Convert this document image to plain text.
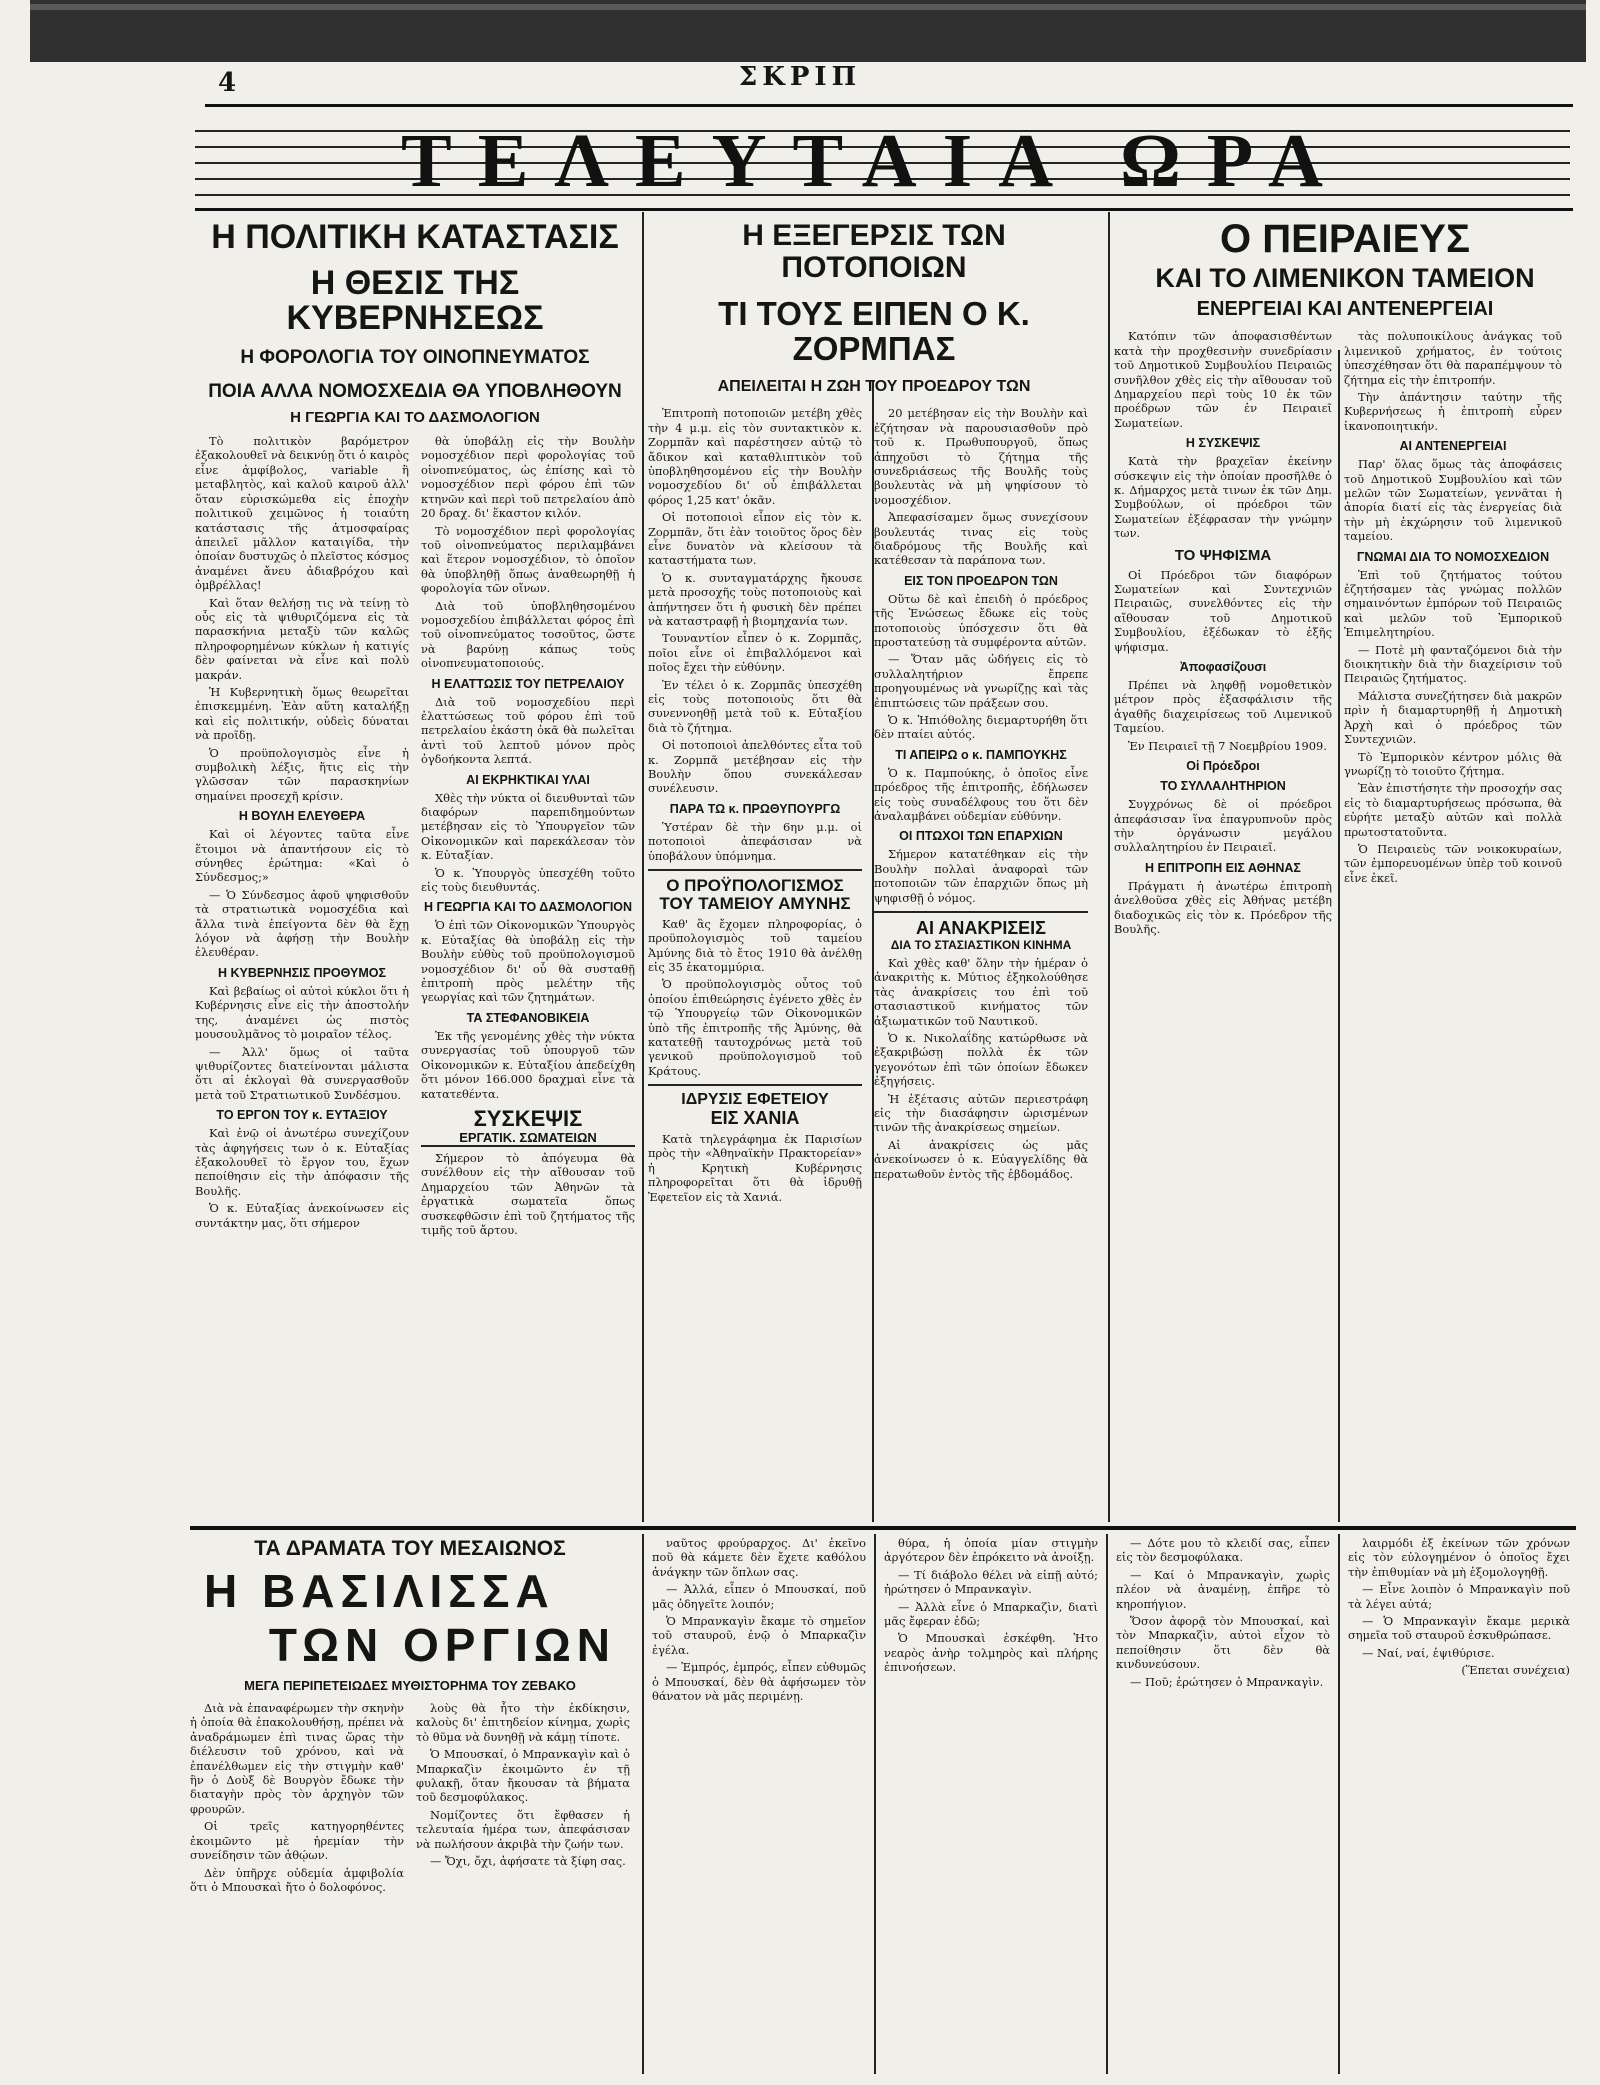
4	ΣΚΡΙΠ
ΤΕΛΕΥΤΑΙΑ ΩΡΑ
Η ΠΟΛΙΤΙΚΗ ΚΑΤΑΣΤΑΣΙΣ
Η ΘΕΣΙΣ ΤΗΣ ΚΥΒΕΡΝΗΣΕΩΣ
Η ΦΟΡΟΛΟΓΙΑ ΤΟΥ ΟΙΝΟΠΝΕΥΜΑΤΟΣ
ΠΟΙΑ ΑΛΛΑ ΝΟΜΟΣΧΕΔΙΑ ΘΑ ΥΠΟΒΛΗΘΟΥΝ
Η ΓΕΩΡΓΙΑ ΚΑΙ ΤΟ ΔΑΣΜΟΛΟΓΙΟΝ

Τὸ πολιτικὸν βαρόμετρον ἐξακολουθεῖ νὰ δεικνύῃ ὅτι ὁ καιρὸς εἶνε ἀμφίβολος, variable ἢ μεταβλητὸς, καὶ καλοῦ καιροῦ ἀλλ' ὅταν εὑρισκώμεθα εἰς ἐποχὴν πολιτικοῦ χειμῶνος ἡ τοιαύτη κατάστασις τῆς ἀτμοσφαίρας ἀπειλεῖ μᾶλλον καταιγίδα, τὴν ὁποίαν δυστυχῶς ὁ πλεῖστος κόσμος ἀναμένει ἄνευ ἀδιαβρόχου καὶ ὀμβρέλλας!

Καὶ ὅταν θελήσῃ τις νὰ τείνῃ τὸ οὖς εἰς τὰ ψιθυριζόμενα εἰς τὰ παρασκήνια μεταξὺ τῶν καλῶς πληροφορημένων κύκλων ἡ κατιγίς δὲν φαίνεται νὰ εἶνε καὶ πολὺ μακράν.

Ἡ Κυβερνητικὴ ὅμως θεωρεῖται ἐπισκεμμένη. Ἐὰν αὕτη καταλήξῃ καὶ εἰς πολιτικήν, οὐδεὶς δύναται νὰ προῖδῃ.

Ὁ προϋπολογισμὸς εἶνε ἡ συμβολικὴ λέξις, ἥτις εἰς τὴν γλῶσσαν τῶν παρασκηνίων σημαίνει προσεχῆ κρίσιν.

Η ΒΟΥΛΗ ΕΛΕΥΘΕΡΑ

Καὶ οἱ λέγοντες ταῦτα εἶνε ἕτοιμοι νὰ ἀπαντήσουν εἰς τὸ σύνηθες ἐρώτημα: «Καὶ ὁ Σύνδεσμος;»

— Ὁ Σύνδεσμος ἀφοῦ ψηφισθοῦν τὰ στρατιωτικὰ νομοσχέδια καὶ ἄλλα τινὰ ἐπείγοντα δὲν θὰ ἔχῃ λόγον νὰ ἀφήσῃ τὴν Βουλὴν ἐλευθέραν.

Η ΚΥΒΕΡΝΗΣΙΣ ΠΡΟΘΥΜΟΣ

Καὶ βεβαίως οἱ αὐτοὶ κύκλοι ὅτι ἡ Κυβέρνησις εἶνε εἰς τὴν ἀποστολήν της, ἀναμένει ὡς πιστὸς μουσουλμᾶνος τὸ μοιραῖον τέλος.

— Ἀλλ' ὅμως οἱ ταῦτα ψιθυρίζοντες διατείνονται μάλιστα ὅτι αἱ ἐκλογαὶ θὰ συνεργασθοῦν μετὰ τοῦ Στρατιωτικοῦ Συνδέσμου.

ΤΟ ΕΡΓΟΝ ΤΟΥ κ. ΕΥΤΑΞΙΟΥ

Καὶ ἐνῷ οἱ ἀνωτέρω συνεχίζουν τὰς ἀφηγήσεις των ὁ κ. Εὐταξίας ἐξακολουθεῖ τὸ ἔργον του, ἔχων πεποίθησιν εἰς τὴν ἀπόφασιν τῆς Βουλῆς.

Ὁ κ. Εὐταξίας ἀνεκοίνωσεν εἰς συντάκτην μας, ὅτι σήμερον

θὰ ὑποβάλῃ εἰς τὴν Βουλὴν νομοσχέδιον περὶ φορολογίας τοῦ οἰνοπνεύματος, ὡς ἐπίσης καὶ τὸ νομοσχέδιον περὶ φόρου ἐπὶ τῶν κτηνῶν καὶ περὶ τοῦ πετρελαίου ἀπὸ 20 δραχ. δι' ἕκαστον κιλόν.

Τὸ νομοσχέδιον περὶ φορολογίας τοῦ οἰνοπνεύματος περιλαμβάνει καὶ ἕτερον νομοσχέδιον, τὸ ὁποῖον θὰ ὑποβληθῇ ὅπως ἀναθεωρηθῇ ἡ φορολογία τῶν οἴνων.

Διὰ τοῦ ὑποβληθησομένου νομοσχεδίου ἐπιβάλλεται φόρος ἐπὶ τοῦ οἰνοπνεύματος τοσοῦτος, ὥστε νὰ βαρύνῃ κάπως τοὺς οἰνοπνευματοποιούς.

Η ΕΛΑΤΤΩΣΙΣ ΤΟΥ ΠΕΤΡΕΛΑΙΟΥ

Διὰ τοῦ νομοσχεδίου περὶ ἐλαττώσεως τοῦ φόρου ἐπὶ τοῦ πετρελαίου ἐκάστη ὀκᾶ θὰ πωλεῖται ἀντὶ τοῦ λεπτοῦ μόνον πρὸς ὀγδοήκοντα λεπτά.

ΑΙ ΕΚΡΗΚΤΙΚΑΙ ΥΛΑΙ

Χθὲς τὴν νύκτα οἱ διευθυνταὶ τῶν διαφόρων παρεπιδημούντων μετέβησαν εἰς τὸ Ὑπουργεῖον τῶν Οἰκονομικῶν καὶ παρεκάλεσαν τὸν κ. Εὐταξίαν.

Ὁ κ. Ὑπουργὸς ὑπεσχέθη τοῦτο εἰς τοὺς διευθυντάς.

Η ΓΕΩΡΓΙΑ ΚΑΙ ΤΟ ΔΑΣΜΟΛΟΓΙΟΝ

Ὁ ἐπὶ τῶν Οἰκονομικῶν Ὑπουργὸς κ. Εὐταξίας θὰ ὑποβάλῃ εἰς τὴν Βουλὴν εὐθὺς τοῦ προϋπολογισμοῦ νομοσχέδιον δι' οὗ θὰ συσταθῇ ἐπιτροπὴ πρὸς μελέτην τῆς γεωργίας καὶ τῶν ζητημάτων.

ΤΑ ΣΤΕΦΑΝΟΒΙΚΕΙΑ

Ἐκ τῆς γενομένης χθὲς τὴν νύκτα συνεργασίας τοῦ ὑπουργοῦ τῶν Οἰκονομικῶν κ. Εὐταξίου ἀπεδείχθη ὅτι μόνον 166.000 δραχμαὶ εἶνε τὰ κατατεθέντα.

ΣΥΣΚΕΨΙΣ
ΕΡΓΑΤΙΚ. ΣΩΜΑΤΕΙΩΝ

Σήμερον τὸ ἀπόγευμα θὰ συνέλθουν εἰς τὴν αἴθουσαν τοῦ Δημαρχείου τῶν Ἀθηνῶν τὰ ἐργατικὰ σωματεῖα ὅπως συσκεφθῶσιν ἐπὶ τοῦ ζητήματος τῆς τιμῆς τοῦ ἄρτου.

Η ΕΞΕΓΕΡΣΙΣ ΤΩΝ ΠΟΤΟΠΟΙΩΝ
ΤΙ ΤΟΥΣ ΕΙΠΕΝ Ο Κ. ΖΟΡΜΠΑΣ
ΑΠΕΙΛΕΙΤΑΙ Η ΖΩΗ ΤΟΥ ΠΡΟΕΔΡΟΥ ΤΩΝ

Ἐπιτροπὴ ποτοποιῶν μετέβη χθὲς τὴν 4 μ.μ. εἰς τὸν συντακτικὸν κ. Ζορμπᾶν καὶ παρέστησεν αὐτῷ τὸ ἄδικον καὶ καταθλιπτικὸν τοῦ ὑποβληθησομένου εἰς τὴν Βουλὴν νομοσχεδίου δι' οὗ ἐπιβάλλεται φόρος 1,25 κατ' ὀκᾶν.

Οἱ ποτοποιοὶ εἶπον εἰς τὸν κ. Ζορμπᾶν, ὅτι ἐὰν τοιοῦτος ὅρος δὲν εἶνε δυνατὸν νὰ κλείσουν τὰ καταστήματα των.

Ὁ κ. συνταγματάρχης ἤκουσε μετὰ προσοχῆς τοὺς ποτοποιοὺς καὶ ἀπήντησεν ὅτι ἡ φυσικὴ δὲν πρέπει νὰ καταστραφῇ ἡ βιομηχανία των.

Τουναντίον εἶπεν ὁ κ. Ζορμπᾶς, ποῖοι εἶνε οἱ ἐπιβαλλόμενοι καὶ ποῖος ἔχει τὴν εὐθύνην.

Ἐν τέλει ὁ κ. Ζορμπᾶς ὑπεσχέθη εἰς τοὺς ποτοποιοὺς ὅτι θὰ συνεννοηθῇ μετὰ τοῦ κ. Εὐταξίου διὰ τὸ ζήτημα.

Οἱ ποτοποιοὶ ἀπελθόντες εἶτα τοῦ κ. Ζορμπᾶ μετέβησαν εἰς τὴν Βουλὴν ὅπου συνεκάλεσαν συνέλευσιν.

ΠΑΡΑ ΤΩ κ. ΠΡΩΘΥΠΟΥΡΓΩ

Ὑστέραν δὲ τὴν 6ην μ.μ. οἱ ποτοποιοὶ ἀπεφάσισαν νὰ ὑποβάλουν ὑπόμνημα.

Ο ΠΡΟΫΠΟΛΟΓΙΣΜΟΣ
ΤΟΥ ΤΑΜΕΙΟΥ ΑΜΥΝΗΣ

Καθ' ἃς ἔχομεν πληροφορίας, ὁ προϋπολογισμὸς τοῦ ταμείου Ἀμύνης διὰ τὸ ἔτος 1910 θὰ ἀνέλθῃ εἰς 35 ἑκατομμύρια.

Ὁ προϋπολογισμὸς οὗτος τοῦ ὁποίου ἐπιθεώρησις ἐγένετο χθὲς ἐν τῷ Ὑπουργείῳ τῶν Οἰκονομικῶν ὑπὸ τῆς ἐπιτροπῆς τῆς Ἀμύνης, θὰ κατατεθῇ ταυτοχρόνως μετὰ τοῦ γενικοῦ προϋπολογισμοῦ τοῦ Κράτους.

ΙΔΡΥΣΙΣ ΕΦΕΤΕΙΟΥ
ΕΙΣ ΧΑΝΙΑ

Κατὰ τηλεγράφημα ἐκ Παρισίων πρὸς τὴν «Ἀθηναϊκὴν Πρακτορείαν» ἡ Κρητικὴ Κυβέρνησις πληροφορεῖται ὅτι θὰ ἱδρυθῇ Ἐφετεῖον εἰς τὰ Χανιά.

20 μετέβησαν εἰς τὴν Βουλὴν καὶ ἐζήτησαν νὰ παρουσιασθοῦν πρὸ τοῦ κ. Πρωθυπουργοῦ, ὅπως ἀπηχοῦσι τὸ ζήτημα τῆς συνεδριάσεως τῆς Βουλῆς τοὺς βουλευτὰς νὰ μὴ ψηφίσουν τὸ νομοσχέδιον.

Ἀπεφασίσαμεν ὅμως συνεχίσουν βουλευτάς τινας εἰς τοὺς διαδρόμους τῆς Βουλῆς καὶ κατέθεσαν τὰ παράπονα των.

ΕΙΣ ΤΟΝ ΠΡΟΕΔΡΟΝ ΤΩΝ

Οὕτω δὲ καὶ ἐπειδὴ ὁ πρόεδρος τῆς Ἑνώσεως ἔδωκε εἰς τοὺς ποτοποιοὺς ὑπόσχεσιν ὅτι θὰ προστατεύσῃ τὰ συμφέροντα αὐτῶν.

— Ὅταν μᾶς ὡδήγεις εἰς τὸ συλλαλητήριον ἔπρεπε προηγουμένως νὰ γνωρίζῃς καὶ τὰς ἐπιπτώσεις τῶν πράξεων σου.

Ὁ κ. Ἡπιόθολης διεμαρτυρήθη ὅτι δὲν πταίει αὐτός.

ΤΙ ΑΠΕΙΡΩ ο κ. ΠΑΜΠΟΥΚΗΣ

Ὁ κ. Παμπούκης, ὁ ὁποῖος εἶνε πρόεδρος τῆς ἐπιτροπῆς, ἐδήλωσεν εἰς τοὺς συναδέλφους του ὅτι δὲν ἀναλαμβάνει οὐδεμίαν εὐθύνην.

ΟΙ ΠΤΩΧΟΙ ΤΩΝ ΕΠΑΡΧΙΩΝ

Σήμερον κατατέθηκαν εἰς τὴν Βουλὴν πολλαὶ ἀναφοραὶ τῶν ποτοποιῶν τῶν ἐπαρχιῶν ὅπως μὴ ψηφισθῇ ὁ νόμος.

ΑΙ ΑΝΑΚΡΙΣΕΙΣ
ΔΙΑ ΤΟ ΣΤΑΣΙΑΣΤΙΚΟΝ ΚΙΝΗΜΑ

Καὶ χθὲς καθ' ὅλην τὴν ἡμέραν ὁ ἀνακριτὴς κ. Μύτιος ἐξηκολούθησε τὰς ἀνακρίσεις του ἐπὶ τοῦ στασιαστικοῦ κινήματος τῶν ἀξιωματικῶν τοῦ Ναυτικοῦ.

Ὁ κ. Νικολαΐδης κατώρθωσε νὰ ἐξακριβώσῃ πολλὰ ἐκ τῶν γεγονότων ἐπὶ τῶν ὁποίων ἔδωκεν ἐξηγήσεις.

Ἡ ἐξέτασις αὐτῶν περιεστράφη εἰς τὴν διασάφησιν ὡρισμένων τινῶν τῆς ἀνακρίσεως σημείων.

Αἱ ἀνακρίσεις ὡς μᾶς ἀνεκοίνωσεν ὁ κ. Εὐαγγελίδης θὰ περατωθοῦν ἐντὸς τῆς ἑβδομάδος.

Ο ΠΕΙΡΑΙΕΥΣ
ΚΑΙ ΤΟ ΛΙΜΕΝΙΚΟΝ ΤΑΜΕΙΟΝ
ΕΝΕΡΓΕΙΑΙ ΚΑΙ ΑΝΤΕΝΕΡΓΕΙΑΙ

Κατόπιν τῶν ἀποφασισθέντων κατὰ τὴν προχθεσινὴν συνεδρίασιν τοῦ Δημοτικοῦ Συμβουλίου Πειραιῶς συνῆλθον χθὲς εἰς τὴν αἴθουσαν τοῦ Δημαρχείου περὶ τοὺς 10 ἐκ τῶν προέδρων τῶν ἐν Πειραιεῖ Σωματείων.

Η ΣΥΣΚΕΨΙΣ

Κατὰ τὴν βραχεῖαν ἐκείνην σύσκεψιν εἰς τὴν ὁποίαν προσῆλθε ὁ κ. Δήμαρχος μετὰ τινων ἐκ τῶν Δημ. Συμβούλων, οἱ πρόεδροι τῶν Σωματείων ἐξέφρασαν τὴν γνώμην των.

ΤΟ ΨΗΦΙΣΜΑ

Οἱ Πρόεδροι τῶν διαφόρων Σωματείων καὶ Συντεχνιῶν Πειραιῶς, συνελθόντες εἰς τὴν αἴθουσαν τοῦ Δημοτικοῦ Συμβουλίου, ἐξέδωκαν τὸ ἑξῆς ψήφισμα.

Ἀποφασίζουσι

Πρέπει νὰ ληφθῇ νομοθετικὸν μέτρον πρὸς ἐξασφάλισιν τῆς ἀγαθῆς διαχειρίσεως τοῦ Λιμενικοῦ Ταμείου.

Ἐν Πειραιεῖ τῇ 7 Νοεμβρίου 1909.

Οἱ Πρόεδροι
ΤΟ ΣΥΛΛΑΛΗΤΗΡΙΟΝ

Συγχρόνως δὲ οἱ πρόεδροι ἀπεφάσισαν ἵνα ἐπαγρυπνοῦν πρὸς τὴν ὀργάνωσιν μεγάλου συλλαλητηρίου ἐν Πειραιεῖ.

Η ΕΠΙΤΡΟΠΗ ΕΙΣ ΑΘΗΝΑΣ

Πράγματι ἡ ἀνωτέρω ἐπιτροπὴ ἀνελθοῦσα χθὲς εἰς Ἀθήνας μετέβη διαδοχικῶς εἰς τὸν κ. Πρόεδρον τῆς Βουλῆς.

τὰς πολυποικίλους ἀνάγκας τοῦ λιμενικοῦ χρήματος, ἐν τούτοις ὑπεσχέθησαν ὅτι θὰ παραπέμψουν τὸ ζήτημα εἰς τὴν ἐπιτροπήν.

Τὴν ἀπάντησιν ταύτην τῆς Κυβερνήσεως ἡ ἐπιτροπὴ εὗρεν ἱκανοποιητικήν.

ΑΙ ΑΝΤΕΝΕΡΓΕΙΑΙ

Παρ' ὅλας ὅμως τὰς ἀποφάσεις τοῦ Δημοτικοῦ Συμβουλίου καὶ τῶν μελῶν τῶν Σωματείων, γεννᾶται ἡ ἀπορία διατί εἰς τὰς ἐνεργείας διὰ τὴν μὴ ἐκχώρησιν τοῦ λιμενικοῦ ταμείου.

ΓΝΩΜΑΙ ΔΙΑ ΤΟ ΝΟΜΟΣΧΕΔΙΟΝ

Ἐπὶ τοῦ ζητήματος τούτου ἐζητήσαμεν τὰς γνώμας πολλῶν σημαινόντων ἐμπόρων τοῦ Πειραιῶς καὶ μελῶν τοῦ Ἐμπορικοῦ Ἐπιμελητηρίου.

— Ποτὲ μὴ φανταζόμενοι διὰ τὴν διοικητικὴν διὰ τὴν διαχείρισιν τοῦ Πειραιῶς ζητήματος.

Μάλιστα συνεζήτησεν διὰ μακρῶν πρὶν ἡ διαμαρτυρηθῇ ἡ Δημοτικὴ Ἀρχὴ καὶ ὁ πρόεδρος τῶν Συντεχνιῶν.

Τὸ Ἐμπορικὸν κέντρον μόλις θὰ γνωρίζῃ τὸ τοιοῦτο ζήτημα.

Ἐὰν ἐπιστήσητε τὴν προσοχήν σας εἰς τὸ διαμαρτυρήσεως πρόσωπα, θὰ εὑρήτε μεταξὺ αὐτῶν καὶ πολλὰ πρωτοστατοῦντα.

Ὁ Πειραιεὺς τῶν νοικοκυραίων, τῶν ἐμπορευομένων ὑπὲρ τοῦ κοινοῦ εἶνε ἐκεῖ.

ΤΑ ΔΡΑΜΑΤΑ ΤΟΥ ΜΕΣΑΙΩΝΟΣ
Η ΒΑΣΙΛΙΣΣΑ
ΤΩΝ ΟΡΓΙΩΝ
ΜΕΓΑ ΠΕΡΙΠΕΤΕΙΩΔΕΣ ΜΥΘΙΣΤΟΡΗΜΑ ΤΟΥ ΖΕΒΑΚΟ

Διὰ νὰ ἐπαναφέρωμεν τὴν σκηνὴν ἡ ὁποία θὰ ἐπακολουθήσῃ, πρέπει νὰ ἀναδράμωμεν ἐπὶ τινας ὥρας τὴν διέλευσιν τοῦ χρόνου, καὶ νὰ ἐπανέλθωμεν εἰς τὴν στιγμὴν καθ' ἣν ὁ Δοὺξ δὲ Βουργὸν ἔδωκε τὴν διαταγὴν πρὸς τὸν ἀρχηγὸν τῶν φρουρῶν.

Οἱ τρεῖς κατηγορηθέντες ἐκοιμῶντο μὲ ἠρεμίαν τὴν συνείδησιν τῶν ἀθῴων.

Δὲν ὑπῆρχε οὐδεμία ἀμφιβολία ὅτι ὁ Μπουσκαὶ ἤτο ὁ δολοφόνος.

λοὺς θὰ ἦτο τὴν ἐκδίκησιν, καλοὺς δι' ἐπιτηδείον κίνημα, χωρὶς τὸ θῦμα νὰ δυνηθῇ νὰ κάμῃ τίποτε.

Ὁ Μπουσκαί, ὁ Μπρανκαγὶν καὶ ὁ Μπαρκαζὶν ἐκοιμῶντο ἐν τῇ φυλακῇ, ὅταν ἤκουσαν τὰ βήματα τοῦ δεσμοφύλακος.

Νομίζοντες ὅτι ἔφθασεν ἡ τελευταία ἡμέρα των, ἀπεφάσισαν νὰ πωλήσουν ἀκριβὰ τὴν ζωήν των.

— Ὄχι, ὄχι, ἀφήσατε τὰ ξίφη σας.

ναῦτος φρούραρχος. Δι' ἐκεῖνο ποῦ θὰ κάμετε δὲν ἔχετε καθόλου ἀνάγκην τῶν ὅπλων σας.

— Ἀλλά, εἶπεν ὁ Μπουσκαί, ποῦ μᾶς ὁδηγεῖτε λοιπόν;

Ὁ Μπρανκαγὶν ἔκαμε τὸ σημεῖον τοῦ σταυροῦ, ἐνῷ ὁ Μπαρκαζὶν ἐγέλα.

— Ἐμπρός, ἐμπρός, εἶπεν εὐθυμῶς ὁ Μπουσκαί, δὲν θὰ ἀφήσωμεν τὸν θάνατον νὰ μᾶς περιμένῃ.

θύρα, ἡ ὁποία μίαν στιγμὴν ἀργότερον δὲν ἐπρόκειτο νὰ ἀνοίξῃ.

— Τί διάβολο θέλει νὰ εἰπῇ αὐτό; ἠρώτησεν ὁ Μπρανκαγὶν.

— Ἀλλὰ εἶνε ὁ Μπαρκαζὶν, διατὶ μᾶς ἔφεραν ἐδῶ;

Ὁ Μπουσκαὶ ἐσκέφθη. Ἡτο νεαρὸς ἀνὴρ τολμηρὸς καὶ πλήρης ἐπινοήσεων.

— Δότε μου τὸ κλειδί σας, εἶπεν εἰς τὸν δεσμοφύλακα.

— Καί ὁ Μπρανκαγὶν, χωρὶς πλέον νὰ ἀναμένῃ, ἐπῆρε τὸ κηροπήγιον.

Ὅσον ἀφορᾷ τὸν Μπουσκαί, καὶ τὸν Μπαρκαζὶν, αὐτοὶ εἶχον τὸ πεποίθησιν ὅτι δὲν θὰ κινδυνεύσουν.

— Ποῦ; ἐρώτησεν ὁ Μπρανκαγὶν.

λαιρμόδι ἐξ ἐκείνων τῶν χρόνων εἰς τὸν εὐλογημένον ὁ ὁποῖος ἔχει τὴν ἐπιθυμίαν νὰ μὴ ἐξομολογηθῇ.

— Εἶνε λοιπὸν ὁ Μπρανκαγὶν ποῦ τὰ λέγει αὐτά;

— Ὁ Μπρανκαγὶν ἔκαμε μερικὰ σημεῖα τοῦ σταυροῦ ἐσκυθρώπασε.

— Ναί, ναί, ἐψιθύρισε.

(Ἕπεται συνέχεια)
